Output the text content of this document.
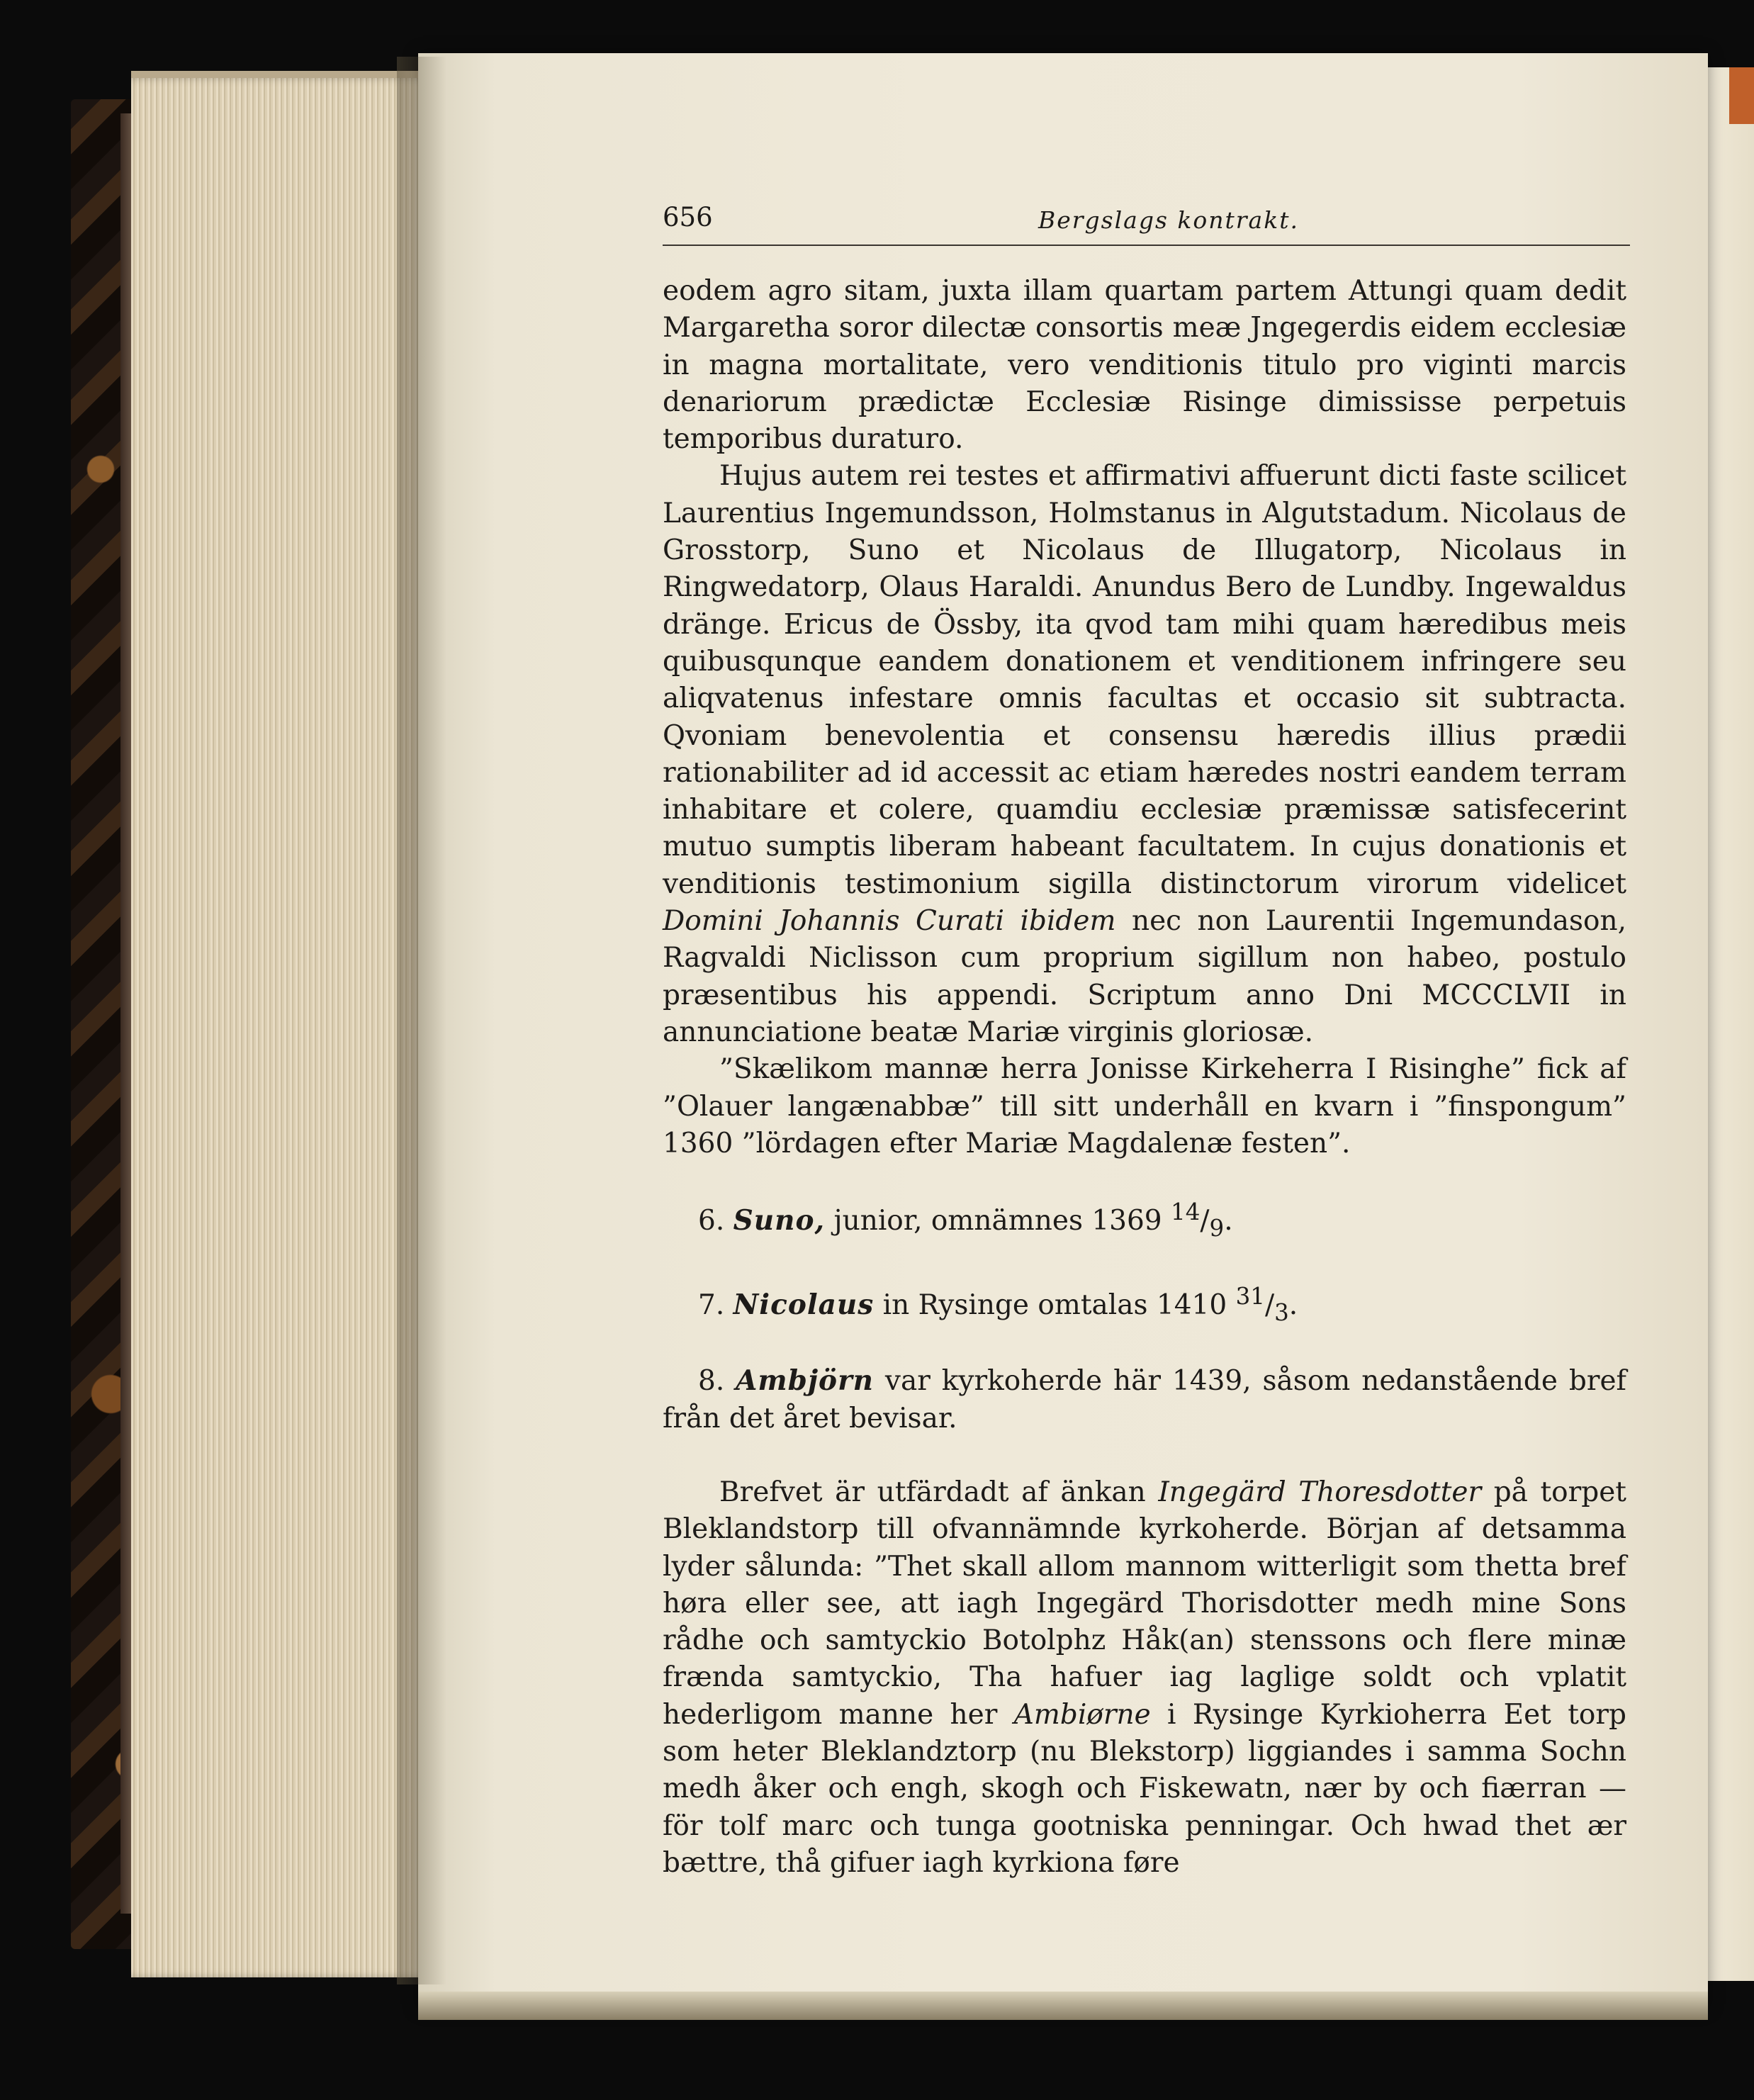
656	Bergslags kontrakt.

eodem agro sitam, juxta illam quartam partem Attungi quam dedit Margaretha soror dilectæ consortis meæ Jngegerdis eidem ecclesiæ in magna mortalitate, vero venditionis titulo pro viginti marcis denariorum prædictæ Ecclesiæ Risinge dimississe perpetuis temporibus duraturo.

Hujus autem rei testes et affirmativi affuerunt dicti faste scilicet Laurentius Ingemundsson, Holmstanus in Algutstadum. Nicolaus de Grosstorp, Suno et Nicolaus de Illugatorp, Nicolaus in Ringwedatorp, Olaus Haraldi. Anundus Bero de Lundby. Ingewaldus dränge. Ericus de Össby, ita qvod tam mihi quam hæredibus meis quibusqunque eandem donationem et venditionem infringere seu aliqvatenus infestare omnis facultas et occasio sit subtracta. Qvoniam benevolentia et consensu hæredis illius prædii rationabiliter ad id accessit ac etiam hæredes nostri eandem terram inhabitare et colere, quamdiu ecclesiæ præmissæ satisfecerint mutuo sumptis liberam habeant facultatem. In cujus donationis et venditionis testimonium sigilla distinctorum virorum videlicet Domini Johannis Curati ibidem nec non Laurentii Ingemundason, Ragvaldi Niclisson cum proprium sigillum non habeo, postulo præsentibus his appendi. Scriptum anno Dni MCCCLVII in annunciatione beatæ Mariæ virginis gloriosæ.

”Skælikom mannæ herra Jonisse Kirkeherra I Risinghe” fick af ”Olauer langænabbæ” till sitt underhåll en kvarn i ”finspongum” 1360 ”lördagen efter Mariæ Magdalenæ festen”.

6. Suno, junior, omnämnes 1369 $^{14}/_9$.

7. Nicolaus in Rysinge omtalas 1410 $^{31}/_3$.

8. Ambjörn var kyrkoherde här 1439, såsom nedanstående bref från det året bevisar.

Brefvet är utfärdadt af änkan Ingegärd Thoresdotter på torpet Bleklandstorp till ofvannämnde kyrkoherde. Början af detsamma lyder sålunda: ”Thet skall allom mannom witterligit som thetta bref høra eller see, att iagh Ingegärd Thorisdotter medh mine Sons rådhe och samtyckio Botolphz Håk(an) stenssons och flere minæ frænda samtyckio, Tha hafuer iag laglige soldt och vplatit hederligom manne her Ambiørne i Rysinge Kyrkioherra Eet torp som heter Bleklandztorp (nu Blekstorp) liggiandes i samma Sochn medh åker och engh, skogh och Fiskewatn, nær by och fiærran — för tolf marc och tunga gootniska penningar. Och hwad thet ær bættre, thå gifuer iagh kyrkiona føre
